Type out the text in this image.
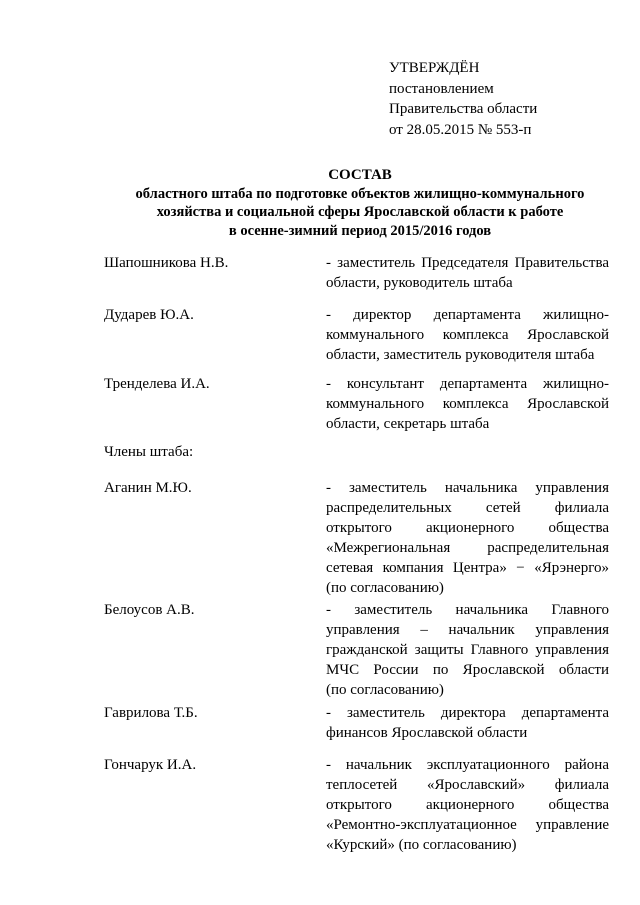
УТВЕРЖДЁН
постановлением
Правительства области
от 28.05.2015 № 553-п
СОСТАВ
областного штаба по подготовке объектов жилищно-коммунального
хозяйства и социальной сферы Ярославской области к работе
в осенне-зимний период 2015/2016 годов
Шапошникова Н.В.	- заместитель Председателя Правительства
области, руководитель штаба
Дударев Ю.А.	- директор департамента жилищно-
коммунального комплекса Ярославской
области, заместитель руководителя штаба
Тренделева И.А.	- консультант департамента жилищно-
коммунального комплекса Ярославской
области, секретарь штаба
Члены штаба:
Аганин М.Ю.	- заместитель начальника управления
распределительных сетей филиала
открытого акционерного общества
«Межрегиональная распределительная
сетевая компания Центра» − «Ярэнерго»
(по согласованию)
Белоусов А.В.	- заместитель начальника Главного
управления – начальник управления
гражданской защиты Главного управления
МЧС России по Ярославской области
(по согласованию)
Гаврилова Т.Б.	- заместитель директора департамента
финансов Ярославской области
Гончарук И.А.	- начальник эксплуатационного района
теплосетей «Ярославский» филиала
открытого акционерного общества
«Ремонтно-эксплуатационное управление
«Курский» (по согласованию)
